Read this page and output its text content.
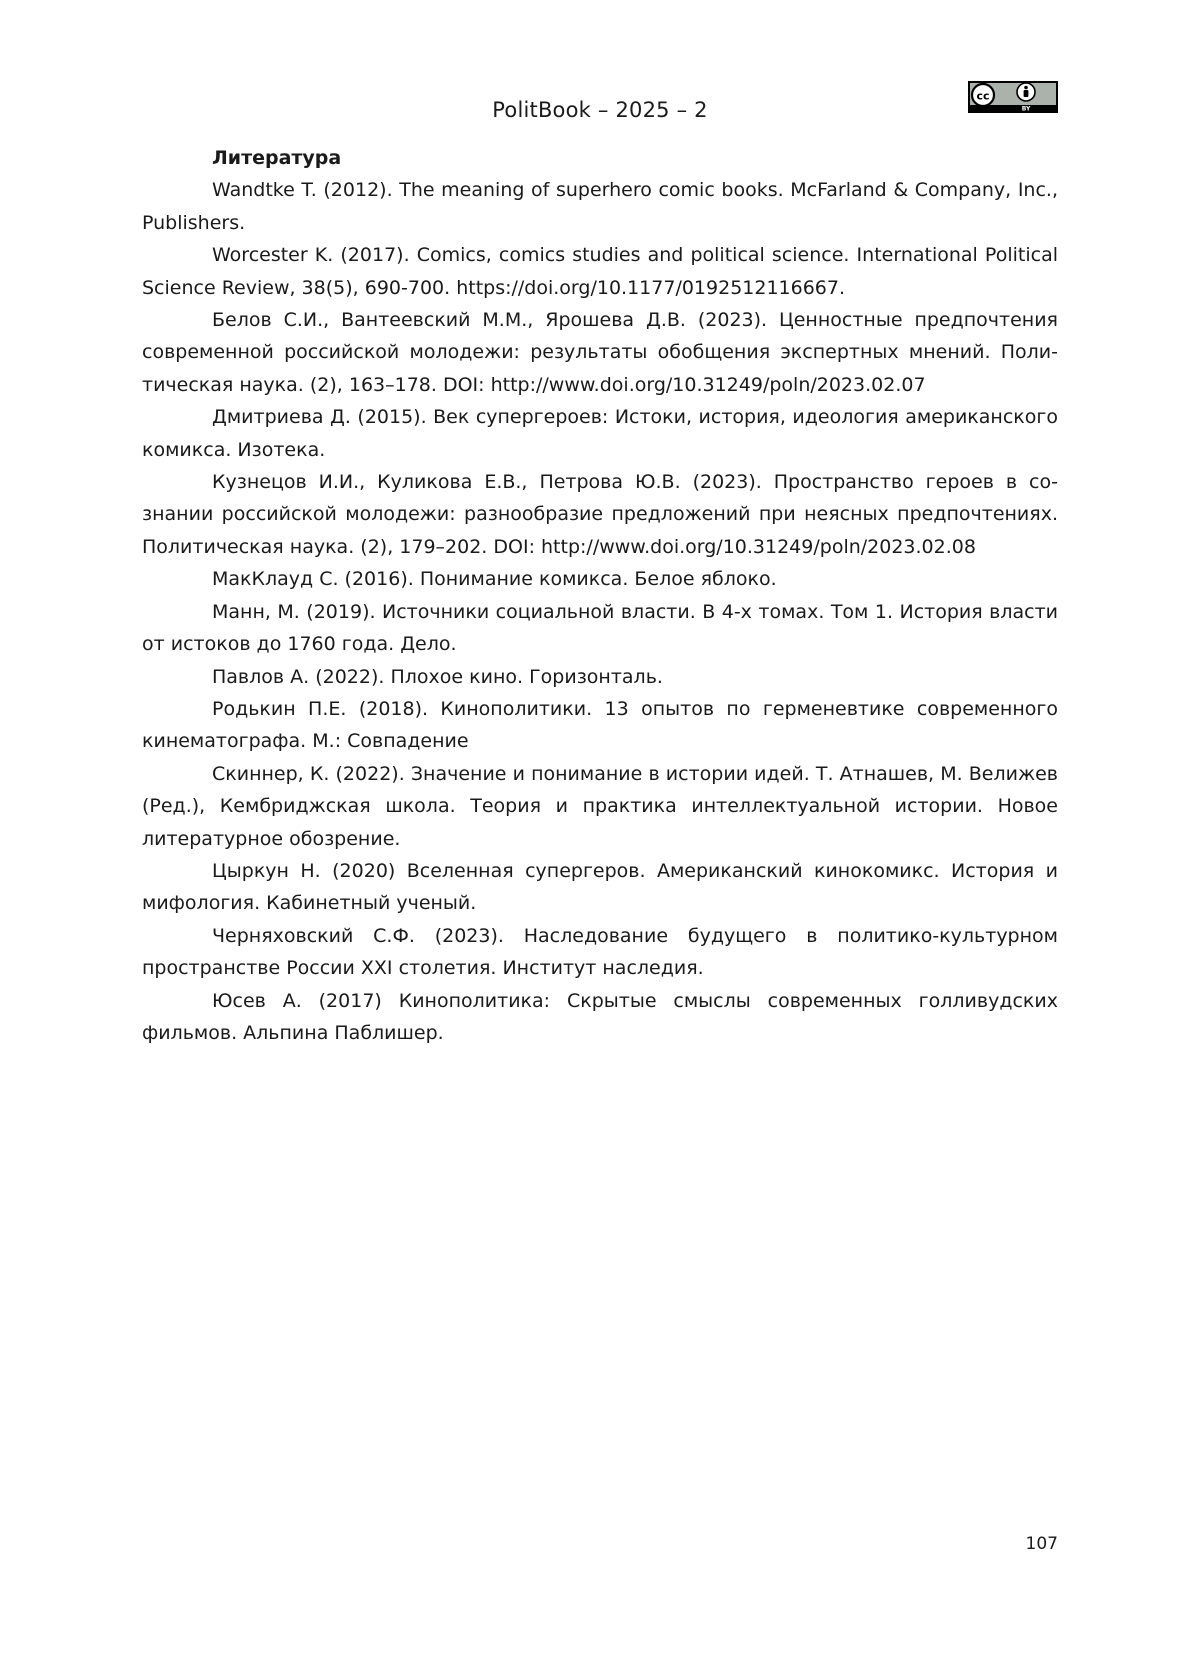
PolitBook – 2025 – 2
cc
BY

Литература

Wandtke T. (2012). The meaning of superhero comic books. McFarland & Company, Inc., Publishers.

Worcester K. (2017). Comics, comics studies and political science. International Political Science Review, 38(5), 690-700. https://doi.org/10.1177/0192512116667.

Белов С.И., Вантеевский М.М., Ярошева Д.В. (2023). Ценностные предпочтения современной российской молодежи: результаты обобщения экспертных мнений. Политическая наука. (2), 163–178. DOI: http://www.doi.org/10.31249/poln/2023.02.07

Дмитриева Д. (2015). Век супергероев: Истоки, история, идеология американского комикса. Изотека.

Кузнецов И.И., Куликова Е.В., Петрова Ю.В. (2023). Пространство героев в сознании российской молодежи: разнообразие предложений при неясных предпочтениях. Политическая наука. (2), 179–202. DOI: http://www.doi.org/10.31249/poln/2023.02.08

МакКлауд С. (2016). Понимание комикса. Белое яблоко.

Манн, М. (2019). Источники социальной власти. В 4-х томах. Том 1. История власти от истоков до 1760 года. Дело.

Павлов А. (2022). Плохое кино. Горизонталь.

Родькин П.Е. (2018). Кинополитики. 13 опытов по герменевтике современного кинематографа. М.: Совпадение

Скиннер, К. (2022). Значение и понимание в истории идей. Т. Атнашев, М. Велижев (Ред.), Кембриджская школа. Теория и практика интеллектуальной истории. Новое литературное обозрение.

Цыркун Н. (2020) Вселенная супергеров. Американский кинокомикс. История и мифология. Кабинетный ученый.

Черняховский С.Ф. (2023). Наследование будущего в политико-культурном пространстве России XXI столетия. Институт наследия.

Юсев А. (2017) Кинополитика: Скрытые смыслы современных голливудских фильмов. Альпина Паблишер.

107
